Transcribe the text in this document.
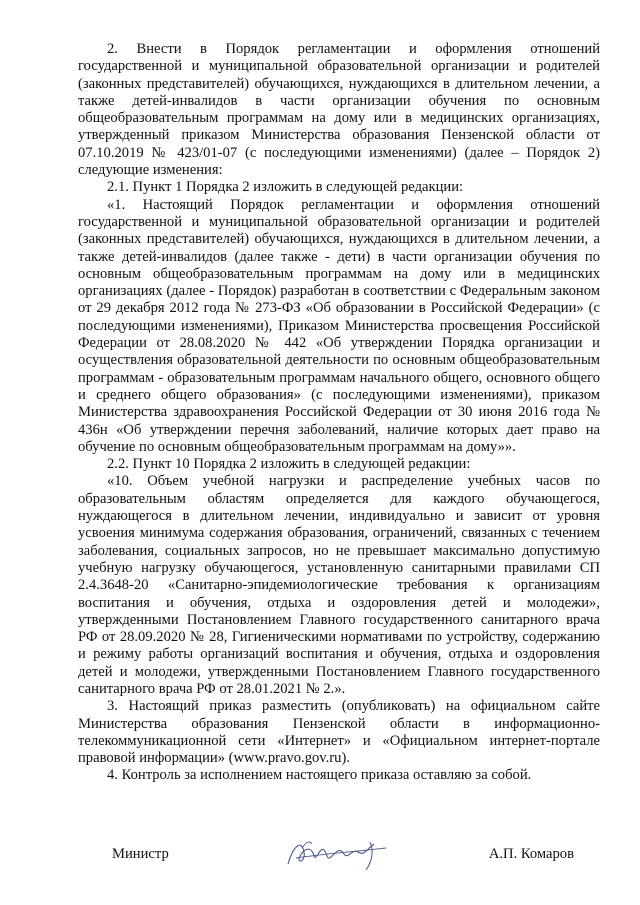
2. Внести в Порядок регламентации и оформления отношений государственной и муниципальной образовательной организации и родителей (законных представителей) обучающихся, нуждающихся в длительном лечении, а также детей-инвалидов в части организации обучения по основным общеобразовательным программам на дому или в медицинских организациях, утвержденный приказом Министерства образования Пензенской области от 07.10.2019 № 423/01-07 (с последующими изменениями) (далее – Порядок 2) следующие изменения:

2.1. Пункт 1 Порядка 2 изложить в следующей редакции:

«1. Настоящий Порядок регламентации и оформления отношений государственной и муниципальной образовательной организации и родителей (законных представителей) обучающихся, нуждающихся в длительном лечении, а также детей-инвалидов (далее также - дети) в части организации обучения по основным общеобразовательным программам на дому или в медицинских организациях (далее - Порядок) разработан в соответствии с Федеральным законом от 29 декабря 2012 года № 273-ФЗ «Об образовании в Российской Федерации» (с последующими изменениями), Приказом Министерства просвещения Российской Федерации от 28.08.2020 № 442 «Об утверждении Порядка организации и осуществления образовательной деятельности по основным общеобразовательным программам - образовательным программам начального общего, основного общего и среднего общего образования» (с последующими изменениями), приказом Министерства здравоохранения Российской Федерации от 30 июня 2016 года № 436н «Об утверждении перечня заболеваний, наличие которых дает право на обучение по основным общеобразовательным программам на дому»».

2.2. Пункт 10 Порядка 2 изложить в следующей редакции:

«10. Объем учебной нагрузки и распределение учебных часов по образовательным областям определяется для каждого обучающегося, нуждающегося в длительном лечении, индивидуально и зависит от уровня усвоения минимума содержания образования, ограничений, связанных с течением заболевания, социальных запросов, но не превышает максимально допустимую учебную нагрузку обучающегося, установленную санитарными правилами СП 2.4.3648-20 «Санитарно-эпидемиологические требования к организациям воспитания и обучения, отдыха и оздоровления детей и молодежи», утвержденными Постановлением Главного государственного санитарного врача РФ от 28.09.2020 № 28, Гигиеническими нормативами по устройству, содержанию и режиму работы организаций воспитания и обучения, отдыха и оздоровления детей и молодежи, утвержденными Постановлением Главного государственного санитарного врача РФ от 28.01.2021 № 2.».

3. Настоящий приказ разместить (опубликовать) на официальном сайте Министерства образования Пензенской области в информационно-телекоммуникационной сети «Интернет» и «Официальном интернет-портале правовой информации» (www.pravo.gov.ru).

4. Контроль за исполнением настоящего приказа оставляю за собой.

Министр	А.П. Комаров
